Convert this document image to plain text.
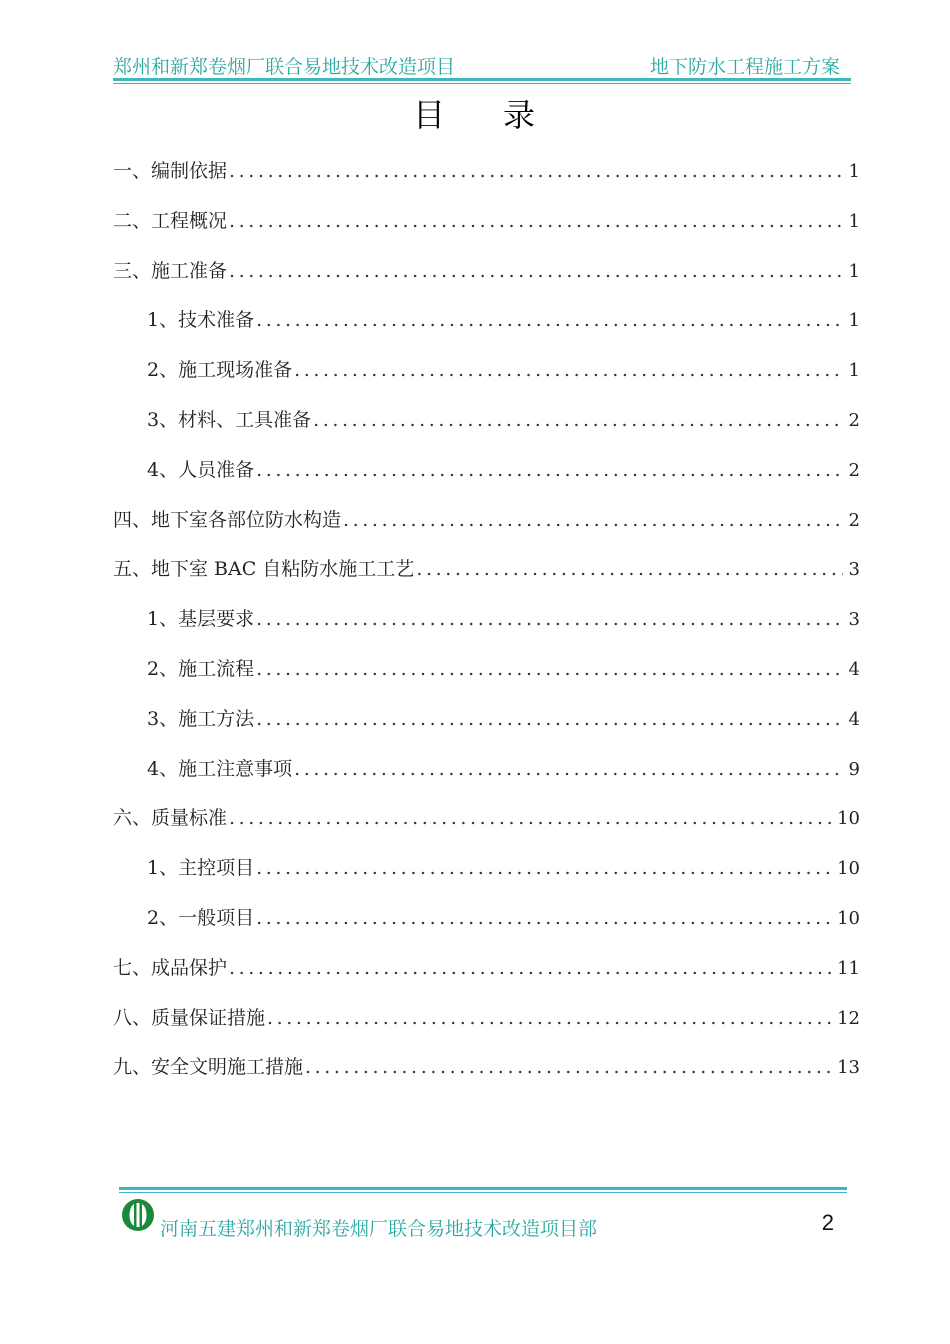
郑州和新郑卷烟厂联合易地技术改造项目	地下防水工程施工方案
目 录
一、编制依据 .....	1
二、工程概况 .....	1
三、施工准备 .....	1
1、技术准备 .....	1
2、施工现场准备 .....	1
3、材料、工具准备 .....	2
4、人员准备 .....	2
四、地下室各部位防水构造 .....	2
五、地下室 BAC 自粘防水施工工艺 .....	3
1、基层要求 .....	3
2、施工流程 .....	4
3、施工方法 .....	4
4、施工注意事项 .....	9
六、质量标准 .....	10
1、主控项目 .....	10
2、一般项目 .....	10
七、成品保护 .....	11
八、质量保证措施 .....	12
九、安全文明施工措施 .....	13
河南五建郑州和新郑卷烟厂联合易地技术改造项目部	2
